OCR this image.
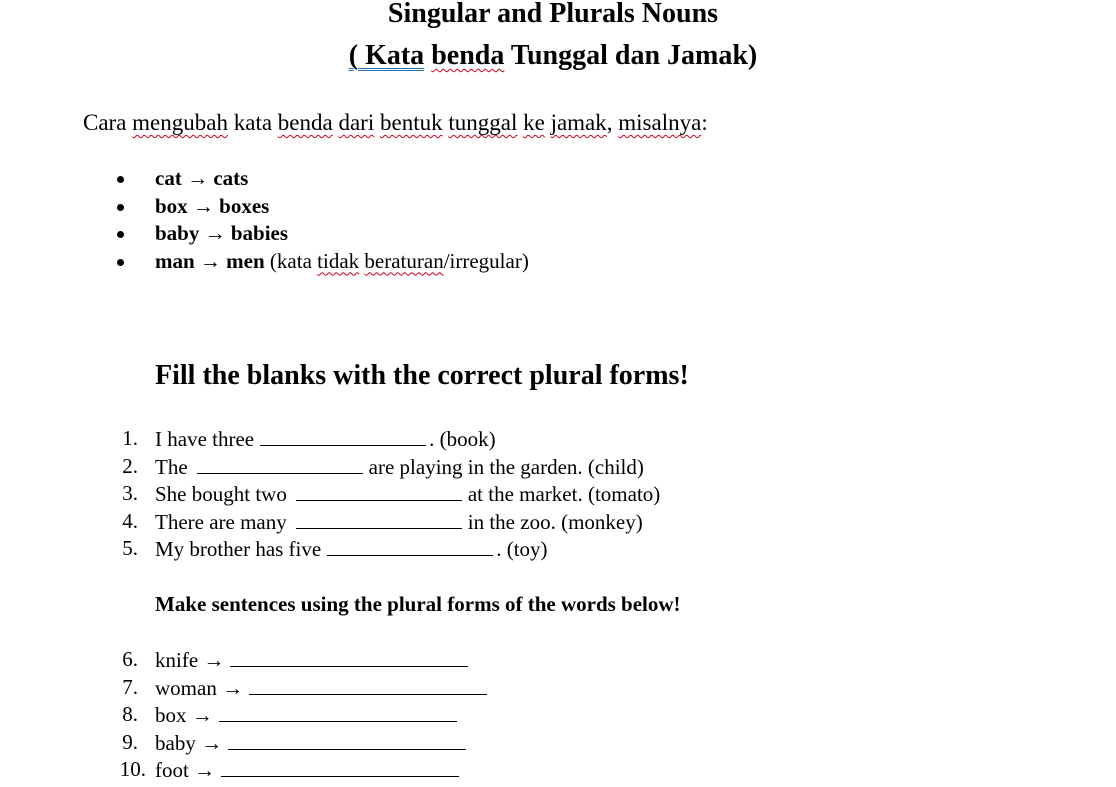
Singular and Plurals Nouns
( Kata benda Tunggal dan Jamak)
Cara mengubah kata benda dari bentuk tunggal ke jamak, misalnya:
cat → cats
box → boxes
baby → babies
man → men (kata tidak beraturan/irregular)
Fill the blanks with the correct plural forms!
1. I have three	. (book)
2. The	are playing in the garden. (child)
3. She bought two	at the market. (tomato)
4. There are many	in the zoo. (monkey)
5. My brother has five	. (toy)
Make sentences using the plural forms of the words below!
6. knife →
7. woman →
8. box →
9. baby →
10. foot →
